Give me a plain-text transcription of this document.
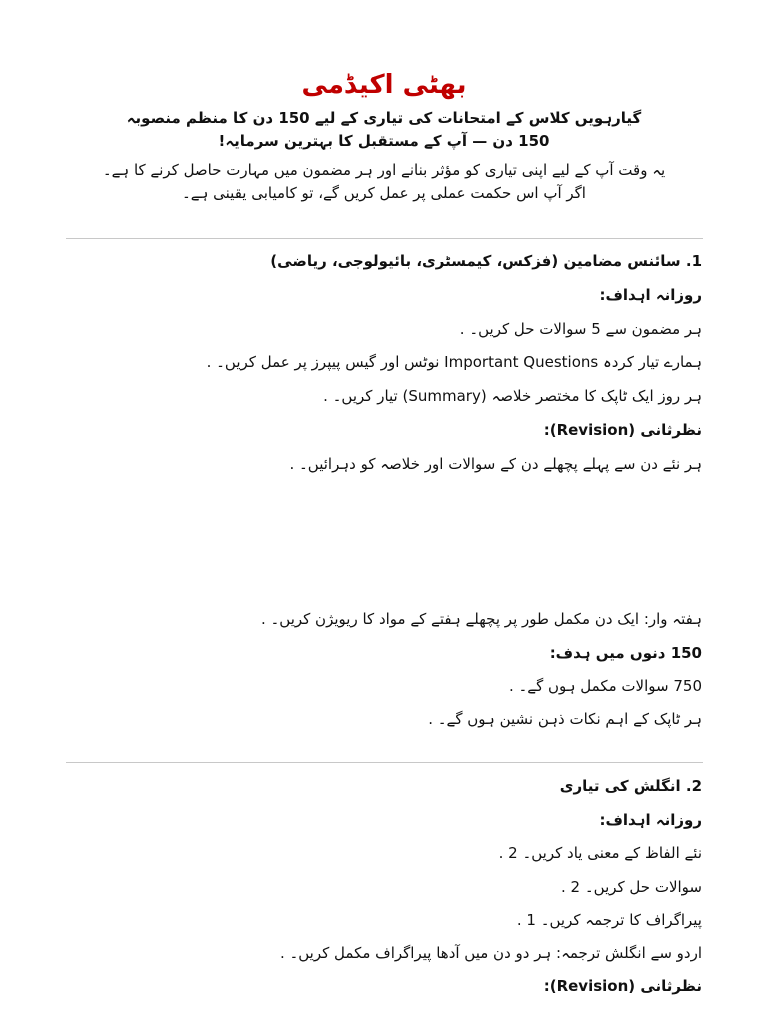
بھٹی اکیڈمی
گیارہویں کلاس کے امتحانات کی تیاری کے لیے 150 دن کا منظم منصوبہ
150 دن — آپ کے مستقبل کا بہترین سرمایہ!
یہ وقت آپ کے لیے اپنی تیاری کو مؤثر بنانے اور ہر مضمون میں مہارت حاصل کرنے کا ہے۔
اگر آپ اس حکمت عملی پر عمل کریں گے، تو کامیابی یقینی ہے۔
1. سائنس مضامین (فزکس، کیمسٹری، بائیولوجی، ریاضی)
روزانہ اہداف:
ہر مضمون سے 5 سوالات حل کریں۔ .
ہمارے تیار کردہ Important Questions نوٹس اور گیس پیپرز پر عمل کریں۔ .
ہر روز ایک ٹاپک کا مختصر خلاصہ (Summary) تیار کریں۔ .
نظرثانی (Revision):
ہر نئے دن سے پہلے پچھلے دن کے سوالات اور خلاصہ کو دہرائیں۔ .
ہفتہ وار: ایک دن مکمل طور پر پچھلے ہفتے کے مواد کا ریویژن کریں۔ .
150 دنوں میں ہدف:
750 سوالات مکمل ہوں گے۔ .
ہر ٹاپک کے اہم نکات ذہن نشین ہوں گے۔ .
2. انگلش کی تیاری
روزانہ اہداف:
نئے الفاظ کے معنی یاد کریں۔ 2 .
سوالات حل کریں۔ 2 .
پیراگراف کا ترجمہ کریں۔ 1 .
اردو سے انگلش ترجمہ: ہر دو دن میں آدھا پیراگراف مکمل کریں۔ .
نظرثانی (Revision):
